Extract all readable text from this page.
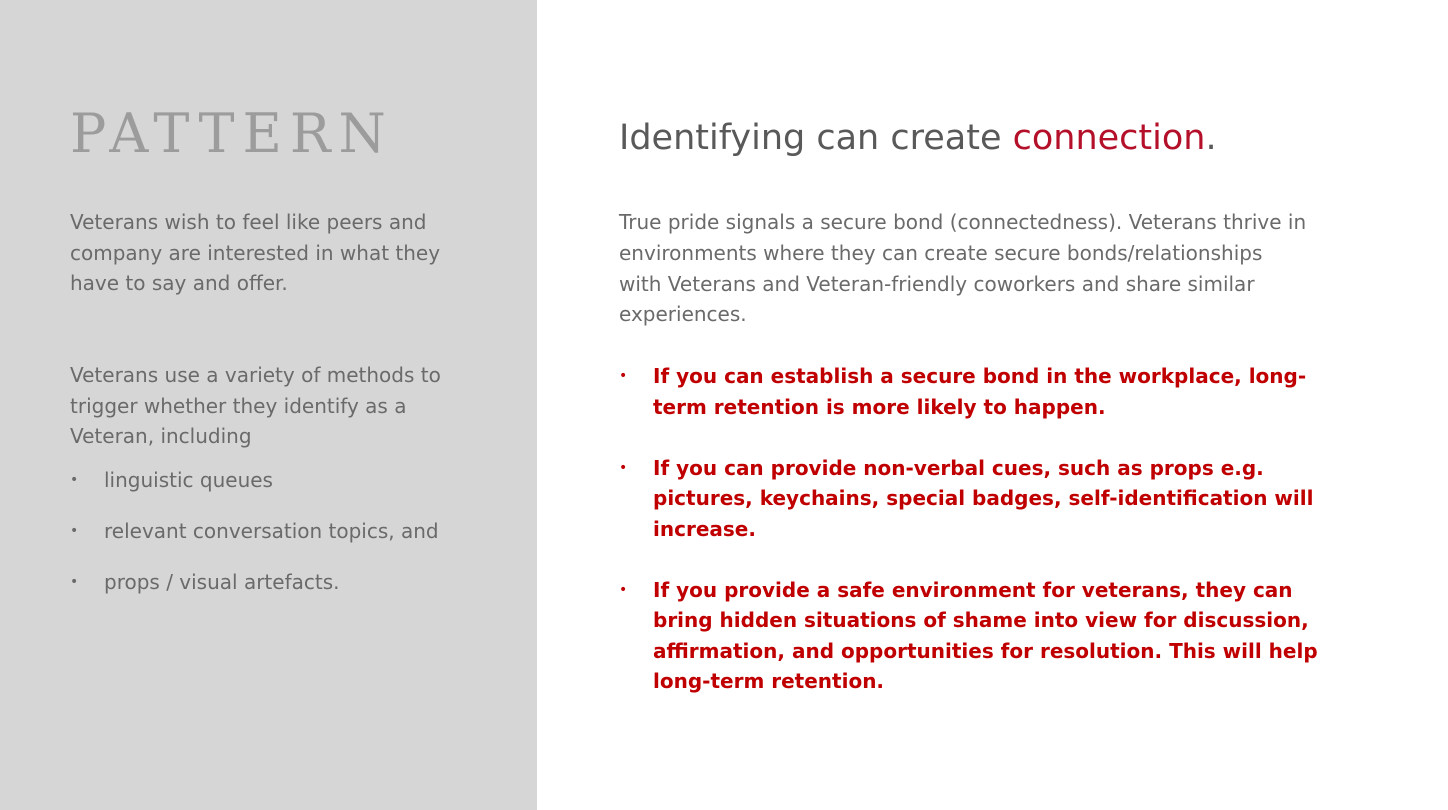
PATTERN

Veterans wish to feel like peers and company are interested in what they have to say and offer.

Veterans use a variety of methods to trigger whether they identify as a Veteran, including

• linguistic queues
• relevant conversation topics, and
• props / visual artefacts.
Identifying can create connection.

True pride signals a secure bond (connectedness). Veterans thrive in environments where they can create secure bonds/relationships with Veterans and Veteran-friendly coworkers and share similar experiences.

• If you can establish a secure bond in the workplace, long-term retention is more likely to happen.
• If you can provide non-verbal cues, such as props e.g. pictures, keychains, special badges, self-identification will increase.
• If you provide a safe environment for veterans, they can bring hidden situations of shame into view for discussion, affirmation, and opportunities for resolution. This will help long-term retention.
